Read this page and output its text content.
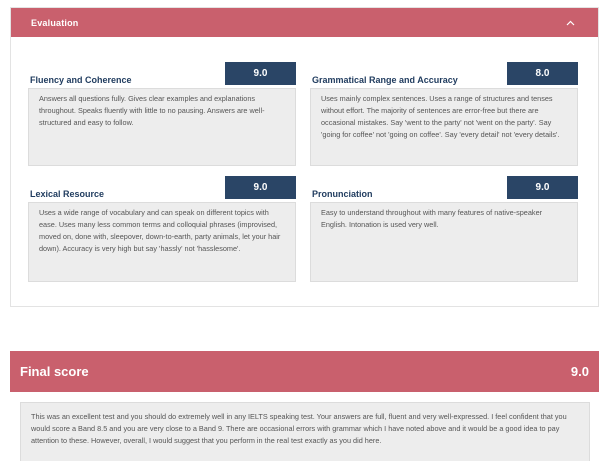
Evaluation
Fluency and Coherence
9.0
Answers all questions fully. Gives clear examples and explanations throughout. Speaks fluently with little to no pausing. Answers are well-structured and easy to follow.
Grammatical Range and Accuracy
8.0
Uses mainly complex sentences. Uses a range of structures and tenses without effort. The majority of sentences are error-free but there are occasional mistakes. Say 'went to the party' not 'went on the party'. Say 'going for coffee' not 'going on coffee'. Say 'every detail' not 'every details'.
Lexical Resource
9.0
Uses a wide range of vocabulary and can speak on different topics with ease. Uses many less common terms and colloquial phrases (improvised, moved on, done with, sleepover, down-to-earth, party animals, let your hair down). Accuracy is very high but say 'hassly' not 'hasslesome'.
Pronunciation
9.0
Easy to understand throughout with many features of native-speaker English. Intonation is used very well.
Final score	9.0
This was an excellent test and you should do extremely well in any IELTS speaking test. Your answers are full, fluent and very well-expressed. I feel confident that you would score a Band 8.5 and you are very close to a Band 9. There are occasional errors with grammar which I have noted above and it would be a good idea to pay attention to these. However, overall, I would suggest that you perform in the real test exactly as you did here.
